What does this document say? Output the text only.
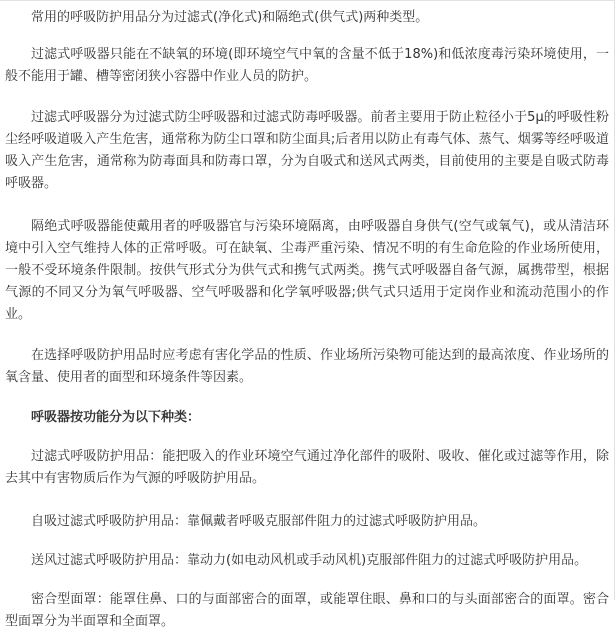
常用的呼吸防护用品分为过滤式(净化式)和隔绝式(供气式)两种类型。

过滤式呼吸器只能在不缺氧的环境(即环境空气中氧的含量不低于18%)和低浓度毒污染环境使用，一般不能用于罐、槽等密闭狭小容器中作业人员的防护。

过滤式呼吸器分为过滤式防尘呼吸器和过滤式防毒呼吸器。前者主要用于防止粒径小于5μ的呼吸性粉尘经呼吸道吸入产生危害，通常称为防尘口罩和防尘面具;后者用以防止有毒气体、蒸气、烟雾等经呼吸道吸入产生危害，通常称为防毒面具和防毒口罩，分为自吸式和送风式两类，目前使用的主要是自吸式防毒呼吸器。

隔绝式呼吸器能使戴用者的呼吸器官与污染环境隔离，由呼吸器自身供气(空气或氧气)，或从清洁环境中引入空气维持人体的正常呼吸。可在缺氧、尘毒严重污染、情况不明的有生命危险的作业场所使用，一般不受环境条件限制。按供气形式分为供气式和携气式两类。携气式呼吸器自备气源，属携带型，根据气源的不同又分为氧气呼吸器、空气呼吸器和化学氧呼吸器;供气式只适用于定岗作业和流动范围小的作业。

在选择呼吸防护用品时应考虑有害化学品的性质、作业场所污染物可能达到的最高浓度、作业场所的氧含量、使用者的面型和环境条件等因素。

呼吸器按功能分为以下种类：

过滤式呼吸防护用品：能把吸入的作业环境空气通过净化部件的吸附、吸收、催化或过滤等作用，除去其中有害物质后作为气源的呼吸防护用品。

自吸过滤式呼吸防护用品：靠佩戴者呼吸克服部件阻力的过滤式呼吸防护用品。

送风过滤式呼吸防护用品：靠动力(如电动风机或手动风机)克服部件阻力的过滤式呼吸防护用品。

密合型面罩：能罩住鼻、口的与面部密合的面罩，或能罩住眼、鼻和口的与头面部密合的面罩。密合型面罩分为半面罩和全面罩。
